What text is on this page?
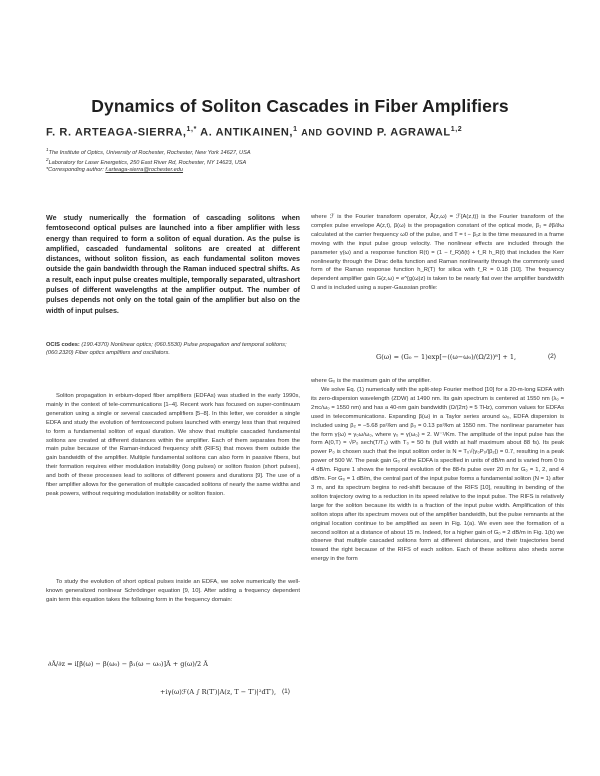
Dynamics of Soliton Cascades in Fiber Amplifiers
F. R. ARTEAGA-SIERRA,$^{1,*}$ A. ANTIKAINEN,$^1$ AND GOVIND P. AGRAWAL$^{1,2}$
$^1$The Institute of Optics, University of Rochester, Rochester, New York 14627, USA
$^2$Laboratory for Laser Energetics, 250 East River Rd, Rochester, NY 14623, USA
*Corresponding author: f.arteaga-sierra@rochester.edu
We study numerically the formation of cascading solitons when femtosecond optical pulses are launched into a fiber amplifier with less energy than required to form a soliton of equal duration. As the pulse is amplified, cascaded fundamental solitons are created at different distances, without soliton fission, as each fundamental soliton moves outside the gain bandwidth through the Raman induced spectral shifts. As a result, each input pulse creates multiple, temporally separated, ultrashort pulses of different wavelengths at the amplifier output. The number of pulses depends not only on the total gain of the amplifier but also on the width of input pulses.
OCIS codes: (190.4370) Nonlinear optics; (060.5530) Pulse propagation and temporal solitons; (060.2320) Fiber optics amplifiers and oscillators.
Soliton propagation in erbium-doped fiber amplifiers (EDFAs) was studied in the early 1990s, mainly in the context of tele-communications [1–4]. Recent work has focused on super-continuum generation using a single or several cascaded amplifiers [5–8]. In this letter, we consider a single EDFA and study the evolution of femtosecond pulses launched with energy less than that required to form a fundamental soliton of equal duration. We show that multiple cascaded fundamental solitons are created at different distances within the amplifier. Each of them separates from the main pulse because of the Raman-induced frequency shift (RIFS) that moves them outside the gain bandwidth of the amplifier. Multiple fundamental solitons can also form in passive fibers, but their formation requires either modulation instability (long pulses) or soliton fission (short pulses), and both of these processes lead to solitons of different powers and durations [9]. The use of a fiber amplifier allows for the generation of multiple cascaded solitons of nearly the same widths and peak powers, without requiring modulation instability or soliton fission.
To study the evolution of short optical pulses inside an EDFA, we solve numerically the well-known generalized nonlinear Schrödinger equation [9, 10]. After adding a frequency dependent gain term this equation takes the following form in the frequency domain:
∂Ã/∂z = i[β(ω) − β(ω₀) − β₁(ω − ω₀)]Ã + g(ω)/2 Ã
+iγ(ω)ℱ(A ∫ R(T′)|A(z, T − T′)|²dT′), (1)
where ℱ is the Fourier transform operator, Ã(z,ω) = ℱ{A(z,t)} is the Fourier transform of the complex pulse envelope A(z,t), β(ω) is the propagation constant of the optical mode, β₁ = ∂β/∂ω calculated at the carrier frequency ω0 of the pulse, and T = t − β₁z is the time measured in a frame moving with the input pulse group velocity. The nonlinear effects are included through the parameter γ(ω) and a response function R(t) = (1 − f_R)δ(t) + f_R h_R(t) that includes the Kerr nonlinearity through the Dirac delta function and Raman nonlinearity through the commonly used form of the Raman response function h_R(T) for silica with f_R = 0.18 [10]. The frequency dependent amplifier gain G(z,ω) = e^{g(ω)z} is taken to be nearly flat over the amplifier bandwidth Ω and is included using a super-Gaussian profile:
G(ω) = (G₀ − 1)exp[−((ω−ω₀)/(Ω/2))⁸] + 1,	(2)
where G₀ is the maximum gain of the amplifier.
We solve Eq. (1) numerically with the split-step Fourier method [10] for a 20-m-long EDFA with its zero-dispersion wavelength (ZDW) at 1490 nm. Its gain spectrum is centered at 1550 nm (λ₀ = 2πc/ω₀ = 1550 nm) and has a 40-nm gain bandwidth (Ω/(2π) = 5 THz), common values for EDFAs used in telecommunications. Expanding β(ω) in a Taylor series around ω₀, EDFA dispersion is included using β₂ = −5.68 ps²/km and β₃ = 0.13 ps³/km at 1550 nm. The nonlinear parameter has the form γ(ω) = γ₀ω/ω₀, where γ₀ = γ(ω₀) = 2. W⁻¹/Km. The amplitude of the input pulse has the form A(0,T) = √P₀ sech(T/T₀) with T₀ = 50 fs (full width at half maximum about 88 fs). Its peak power P₀ is chosen such that the input soliton order is N = T₀√(γ₀P₀/|β₂|) = 0.7, resulting in a peak power of 500 W. The peak gain G₀ of the EDFA is specified in units of dB/m and is varied from 0 to 4 dB/m. Figure 1 shows the temporal evolution of the 88-fs pulse over 20 m for G₀ = 1, 2, and 4 dB/m. For G₀ = 1 dB/m, the central part of the input pulse forms a fundamental soliton (N = 1) after 3 m, and its spectrum begins to red-shift because of the RIFS [10], resulting in bending of the soliton trajectory owing to a reduction in its speed relative to the input pulse. The RIFS is relatively large for the soliton because its width is a fraction of the input pulse width. Amplification of this soliton stops after its spectrum moves out of the amplifier bandwidth, but the pulse remnants at the original location continue to be amplified as seen in Fig. 1(a). We even see the formation of a second soliton at a distance of about 15 m. Indeed, for a higher gain of G₀ = 2 dB/m in Fig. 1(b) we observe that multiple cascaded solitons form at different distances, and their trajectories bend toward the right because of the RIFS of each soliton. Each of these solitons also sheds some energy in the form
